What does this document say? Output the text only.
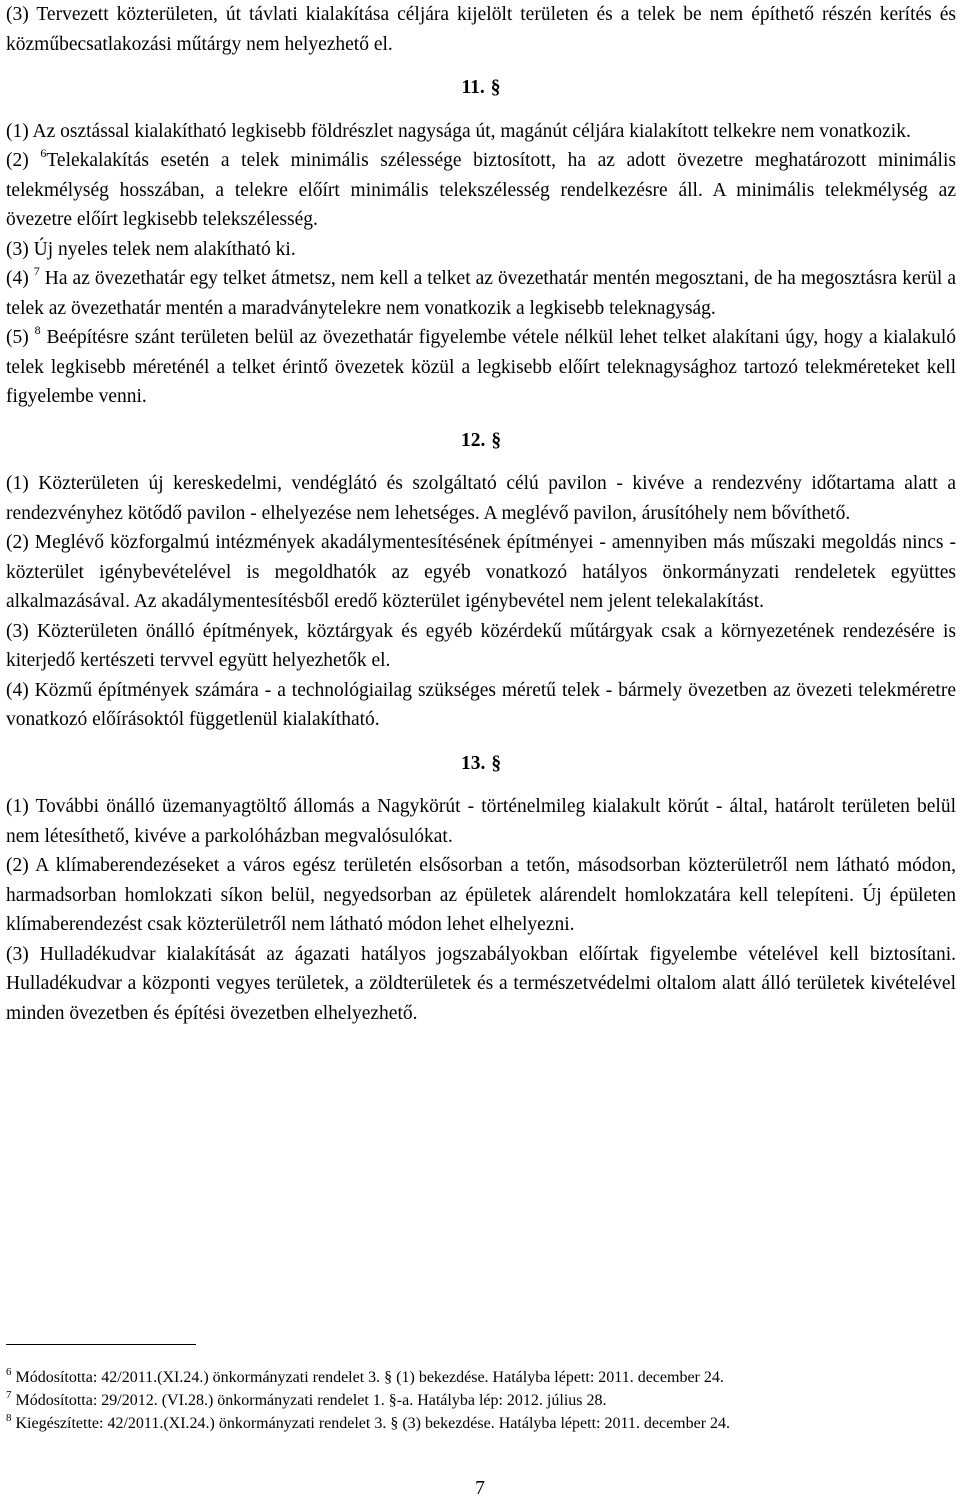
(3) Tervezett közterületen, út távlati kialakítása céljára kijelölt területen és a telek be nem építhető részén kerítés és közműbecsatlakozási műtárgy nem helyezhető el.

11. §

(1) Az osztással kialakítható legkisebb földrészlet nagysága út, magánút céljára kialakított telkekre nem vonatkozik.

(2) $^6$Telekalakítás esetén a telek minimális szélessége biztosított, ha az adott övezetre meghatározott minimális telekmélység hosszában, a telekre előírt minimális telekszélesség rendelkezésre áll. A minimális telekmélység az övezetre előírt legkisebb telekszélesség.

(3) Új nyeles telek nem alakítható ki.

(4) $^7$ Ha az övezethatár egy telket átmetsz, nem kell a telket az övezethatár mentén megosztani, de ha megosztásra kerül a telek az övezethatár mentén a maradványtelekre nem vonatkozik a legkisebb teleknagyság.

(5) $^8$ Beépítésre szánt területen belül az övezethatár figyelembe vétele nélkül lehet telket alakítani úgy, hogy a kialakuló telek legkisebb méreténél a telket érintő övezetek közül a legkisebb előírt teleknagysághoz tartozó telekméreteket kell figyelembe venni.

12. §

(1) Közterületen új kereskedelmi, vendéglátó és szolgáltató célú pavilon - kivéve a rendezvény időtartama alatt a rendezvényhez kötődő pavilon - elhelyezése nem lehetséges. A meglévő pavilon, árusítóhely nem bővíthető.

(2) Meglévő közforgalmú intézmények akadálymentesítésének építményei - amennyiben más műszaki megoldás nincs - közterület igénybevételével is megoldhatók az egyéb vonatkozó hatályos önkormányzati rendeletek együttes alkalmazásával. Az akadálymentesítésből eredő közterület igénybevétel nem jelent telekalakítást.

(3) Közterületen önálló építmények, köztárgyak és egyéb közérdekű műtárgyak csak a környezetének rendezésére is kiterjedő kertészeti tervvel együtt helyezhetők el.

(4) Közmű építmények számára - a technológiailag szükséges méretű telek - bármely övezetben az övezeti telekméretre vonatkozó előírásoktól függetlenül kialakítható.

13. §

(1) További önálló üzemanyagtöltő állomás a Nagykörút - történelmileg kialakult körút - által, határolt területen belül nem létesíthető, kivéve a parkolóházban megvalósulókat.

(2) A klímaberendezéseket a város egész területén elsősorban a tetőn, másodsorban közterületről nem látható módon, harmadsorban homlokzati síkon belül, negyedsorban az épületek alárendelt homlokzatára kell telepíteni. Új épületen klímaberendezést csak közterületről nem látható módon lehet elhelyezni.

(3) Hulladékudvar kialakítását az ágazati hatályos jogszabályokban előírtak figyelembe vételével kell biztosítani. Hulladékudvar a központi vegyes területek, a zöldterületek és a természetvédelmi oltalom alatt álló területek kivételével minden övezetben és építési övezetben elhelyezhető.

$^6$ Módosította: 42/2011.(XI.24.) önkormányzati rendelet 3. § (1) bekezdése. Hatályba lépett: 2011. december 24.

$^7$ Módosította: 29/2012. (VI.28.) önkormányzati rendelet 1. §-a. Hatályba lép: 2012. július 28.

$^8$ Kiegészítette: 42/2011.(XI.24.) önkormányzati rendelet 3. § (3) bekezdése. Hatályba lépett: 2011. december 24.

7
